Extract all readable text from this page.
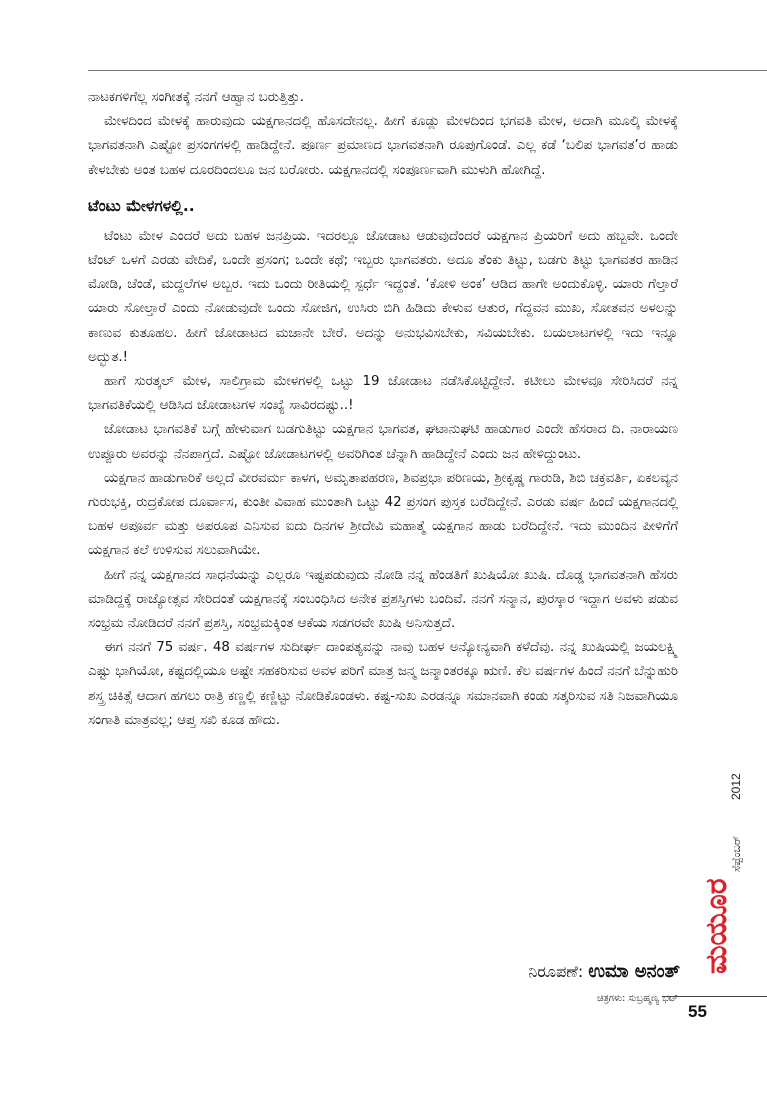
ನಾಟಕಗಳಿಗೆಲ್ಲ ಸಂಗೀತಕ್ಕೆ ನನಗೆ ಆಹ್ವಾನ ಬರುತ್ತಿತ್ತು.

ಮೇಳದಿಂದ ಮೇಳಕ್ಕೆ ಹಾರುವುದು ಯಕ್ಷಗಾನದಲ್ಲಿ ಹೊಸದೇನಲ್ಲ. ಹೀಗೆ ಕೂಡ್ಲು ಮೇಳದಿಂದ ಭಗವತಿ ಮೇಳ, ಅದಾಗಿ ಮೂಲ್ಕಿ ಮೇಳಕ್ಕೆ ಭಾಗವತನಾಗಿ ಎಷ್ಟೋ ಪ್ರಸಂಗಗಳಲ್ಲಿ ಹಾಡಿದ್ದೇನೆ. ಪೂರ್ಣ ಪ್ರಮಾಣದ ಭಾಗವತನಾಗಿ ರೂಪುಗೊಂಡೆ. ಎಲ್ಲ ಕಡೆ ‘ಬಲಿಪ ಭಾಗವತ’ರ ಹಾಡು ಕೇಳಬೇಕು ಅಂತ ಬಹಳ ದೂರದಿಂದಲೂ ಜನ ಬರೋರು. ಯಕ್ಷಗಾನದಲ್ಲಿ ಸಂಪೂರ್ಣವಾಗಿ ಮುಳುಗಿ ಹೋಗಿದ್ದೆ.

ಟೆಂಟು ಮೇಳಗಳಲ್ಲಿ..

ಟೆಂಟು ಮೇಳ ಎಂದರೆ ಅದು ಬಹಳ ಜನಪ್ರಿಯ. ಇದರಲ್ಲೂ ಜೋಡಾಟ ಆಡುವುದೆಂದರೆ ಯಕ್ಷಗಾನ ಪ್ರಿಯರಿಗೆ ಅದು ಹಬ್ಬವೇ. ಒಂದೇ ಟೆಂಟ್ ಒಳಗೆ ಎರಡು ವೇದಿಕೆ, ಒಂದೇ ಪ್ರಸಂಗ; ಒಂದೇ ಕಥೆ; ಇಬ್ಬರು ಭಾಗವತರು. ಅದೂ ತೆಂಕು ತಿಟ್ಟು, ಬಡಗು ತಿಟ್ಟು ಭಾಗವತರ ಹಾಡಿನ ಮೋಡಿ, ಚೆಂಡೆ, ಮದ್ದಲೆಗಳ ಅಬ್ಬರ. ಇದು ಒಂದು ರೀತಿಯಲ್ಲಿ ಸ್ಪರ್ಧೆ ಇದ್ದಂತೆ. ‘ಕೋಳಿ ಅಂಕ’ ಆಡಿದ ಹಾಗೇ ಅಂದುಕೊಳ್ಳಿ. ಯಾರು ಗೆಲ್ತಾರೆ ಯಾರು ಸೋಲ್ತಾರೆ ಎಂದು ನೋಡುವುದೇ ಒಂದು ಸೋಜಿಗ, ಉಸಿರು ಬಿಗಿ ಹಿಡಿದು ಕೇಳುವ ಆತುರ, ಗೆದ್ದವನ ಮುಖ, ಸೋತವನ ಅಳಲನ್ನು ಕಾಣುವ ಕುತೂಹಲ. ಹೀಗೆ ಜೋಡಾಟದ ಮಜಾನೇ ಬೇರೆ. ಅದನ್ನು ಅನುಭವಿಸಬೇಕು, ಸವಿಯಬೇಕು. ಬಯಲಾಟಗಳಲ್ಲಿ ಇದು ಇನ್ನೂ ಅದ್ಭುತ.!

ಹಾಗೆ ಸುರತ್ಕಲ್ ಮೇಳ, ಸಾಲಿಗ್ರಾಮ ಮೇಳಗಳಲ್ಲಿ ಒಟ್ಟು 19 ಜೋಡಾಟ ನಡೆಸಿಕೊಟ್ಟಿದ್ದೇನೆ. ಕಟೀಲು ಮೇಳವೂ ಸೇರಿಸಿದರೆ ನನ್ನ ಭಾಗವತಿಕೆಯಲ್ಲಿ ಆಡಿಸಿದ ಜೋಡಾಟಗಳ ಸಂಖ್ಯೆ ಸಾವಿರದಷ್ಟು..!

ಜೋಡಾಟ ಭಾಗವತಿಕೆ ಬಗ್ಗೆ ಹೇಳುವಾಗ ಬಡಗುತಿಟ್ಟು ಯಕ್ಷಗಾನ ಭಾಗವತ, ಘಟಾನುಘಟಿ ಹಾಡುಗಾರ ಎಂದೇ ಹೆಸರಾದ ದಿ. ನಾರಾಯಣ ಉಪ್ಪೂರು ಅವರನ್ನು ನೆನಪಾಗ್ತದೆ. ಎಷ್ಟೋ ಜೋಡಾಟಗಳಲ್ಲಿ ಅವರಿಗಿಂತ ಚೆನ್ನಾಗಿ ಹಾಡಿದ್ದೇನೆ ಎಂದು ಜನ ಹೇಳಿದ್ದುಂಟು.

ಯಕ್ಷಗಾನ ಹಾಡುಗಾರಿಕೆ ಅಲ್ಲದೆ ವೀರವರ್ಮ ಕಾಳಗ, ಅಮೃತಾಪಹರಣ, ಶಿವಪ್ರಭಾ ಪರಿಣಯ, ಶ್ರೀಕೃಷ್ಣ ಗಾರುಡಿ, ಶಿಬಿ ಚಕ್ರವರ್ತಿ, ಏಕಲವ್ಯನ ಗುರುಭಕ್ತಿ, ರುದ್ರಕೋಪ ದೂರ್ವಾಸ, ಕುಂತೀ ವಿವಾಹ ಮುಂತಾಗಿ ಒಟ್ಟು 42 ಪ್ರಸಂಗ ಪುಸ್ತಕ ಬರೆದಿದ್ದೇನೆ. ಎರಡು ವರ್ಷ ಹಿಂದೆ ಯಕ್ಷಗಾನದಲ್ಲಿ ಬಹಳ ಅಪೂರ್ವ ಮತ್ತು ಅಪರೂಪ ಎನಿಸುವ ಐದು ದಿನಗಳ ಶ್ರೀದೇವಿ ಮಹಾತ್ಮೆ ಯಕ್ಷಗಾನ ಹಾಡು ಬರೆದಿದ್ದೇನೆ. ಇದು ಮುಂದಿನ ಪೀಳಿಗೆಗೆ ಯಕ್ಷಗಾನ ಕಲೆ ಉಳಿಸುವ ಸಲುವಾಗಿಯೇ.

ಹೀಗೆ ನನ್ನ ಯಕ್ಷಗಾನದ ಸಾಧನೆಯನ್ನು ಎಲ್ಲರೂ ಇಷ್ಟಪಡುವುದು ನೋಡಿ ನನ್ನ ಹೆಂಡತಿಗೆ ಖುಷಿಯೋ ಖುಷಿ. ದೊಡ್ಡ ಭಾಗವತನಾಗಿ ಹೆಸರು ಮಾಡಿದ್ದಕ್ಕೆ ರಾಜ್ಯೋತ್ಸವ ಸೇರಿದಂತೆ ಯಕ್ಷಗಾನಕ್ಕೆ ಸಂಬಂಧಿಸಿದ ಅನೇಕ ಪ್ರಶಸ್ತಿಗಳು ಬಂದಿವೆ. ನನಗೆ ಸನ್ಮಾನ, ಪುರಸ್ಕಾರ ಇದ್ದಾಗ ಅವಳು ಪಡುವ ಸಂಭ್ರಮ ನೋಡಿದರೆ ನನಗೆ ಪ್ರಶಸ್ತಿ, ಸಂಭ್ರಮಕ್ಕಿಂತ ಆಕೆಯ ಸಡಗರವೇ ಖುಷಿ ಅನಿಸುತ್ತದೆ.

ಈಗ ನನಗೆ 75 ವರ್ಷ. 48 ವರ್ಷಗಳ ಸುದೀರ್ಘ ದಾಂಪತ್ಯವನ್ನು ನಾವು ಬಹಳ ಅನ್ಯೋನ್ಯವಾಗಿ ಕಳೆದೆವು. ನನ್ನ ಖುಷಿಯಲ್ಲಿ ಜಯಲಕ್ಷ್ಮಿ ಎಷ್ಟು ಭಾಗಿಯೋ, ಕಷ್ಟದಲ್ಲಿಯೂ ಅಷ್ಟೇ ಸಹಕರಿಸುವ ಅವಳ ಪರಿಗೆ ಮಾತ್ರ ಜನ್ಮ ಜನ್ಮಾಂತರಕ್ಕೂ ಋಣಿ. ಕೆಲ ವರ್ಷಗಳ ಹಿಂದೆ ನನಗೆ ಬೆನ್ನುಹುರಿ ಶಸ್ತ್ರ ಚಿಕಿತ್ಸೆ ಆದಾಗ ಹಗಲು ರಾತ್ರಿ ಕಣ್ಣಲ್ಲಿ ಕಣ್ಣಿಟ್ಟು ನೋಡಿಕೊಂಡಳು. ಕಷ್ಟ-ಸುಖ ಎರಡನ್ನೂ ಸಮಾನವಾಗಿ ಕಂಡು ಸತ್ಕರಿಸುವ ಸತಿ ನಿಜವಾಗಿಯೂ ಸಂಗಾತಿ ಮಾತ್ರವಲ್ಲ; ಆಪ್ತ ಸಖಿ ಕೂಡ ಹೌದು.

ನಿರೂಪಣೆ: ಉಮಾ ಅನಂತ್
ಚಿತ್ರಗಳು: ಸುಬ್ರಹ್ಮಣ್ಯ ಭಟ್
ಮಯೂರ
ಸೆಪ್ಟೆಂಬರ್
2012
55
